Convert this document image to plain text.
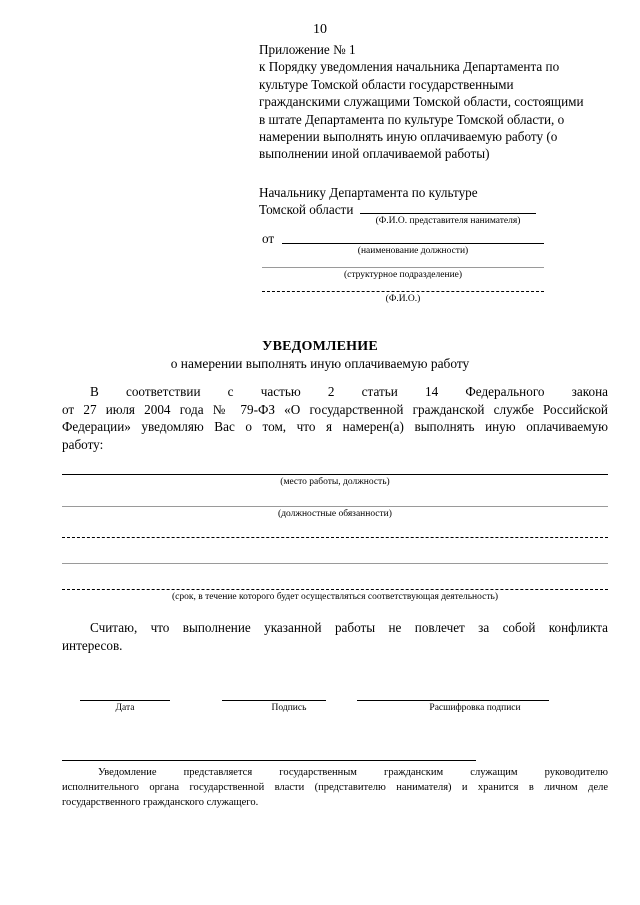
10
Приложение № 1
к Порядку уведомления начальника Департамента по
культуре Томской области государственными
гражданскими служащими Томской области, состоящими
в штате Департамента по культуре Томской области, о
намерении выполнять иную оплачиваемую работу (о
выполнении иной оплачиваемой работы)
Начальнику Департамента по культуре
Томской области
(Ф.И.О. представителя нанимателя)
от
(наименование должности)
(структурное подразделение)
(Ф.И.О.)
УВЕДОМЛЕНИЕ
о намерении выполнять иную оплачиваемую работу
В соответствии с частью 2 статьи 14 Федерального закона
от 27 июля 2004 года № 79-ФЗ «О государственной гражданской службе Российской
Федерации» уведомляю Вас о том, что я намерен(а) выполнять иную оплачиваемую
работу:
(место работы, должность)
(должностные обязанности)
(срок, в течение которого будет осуществляться соответствующая деятельность)
Считаю, что выполнение указанной работы не повлечет за собой конфликта
интересов.
Дата	Подпись	Расшифровка подписи
Уведомление представляется государственным гражданским служащим руководителю
исполнительного органа государственной власти (представителю нанимателя) и хранится в личном деле
государственного гражданского служащего.
